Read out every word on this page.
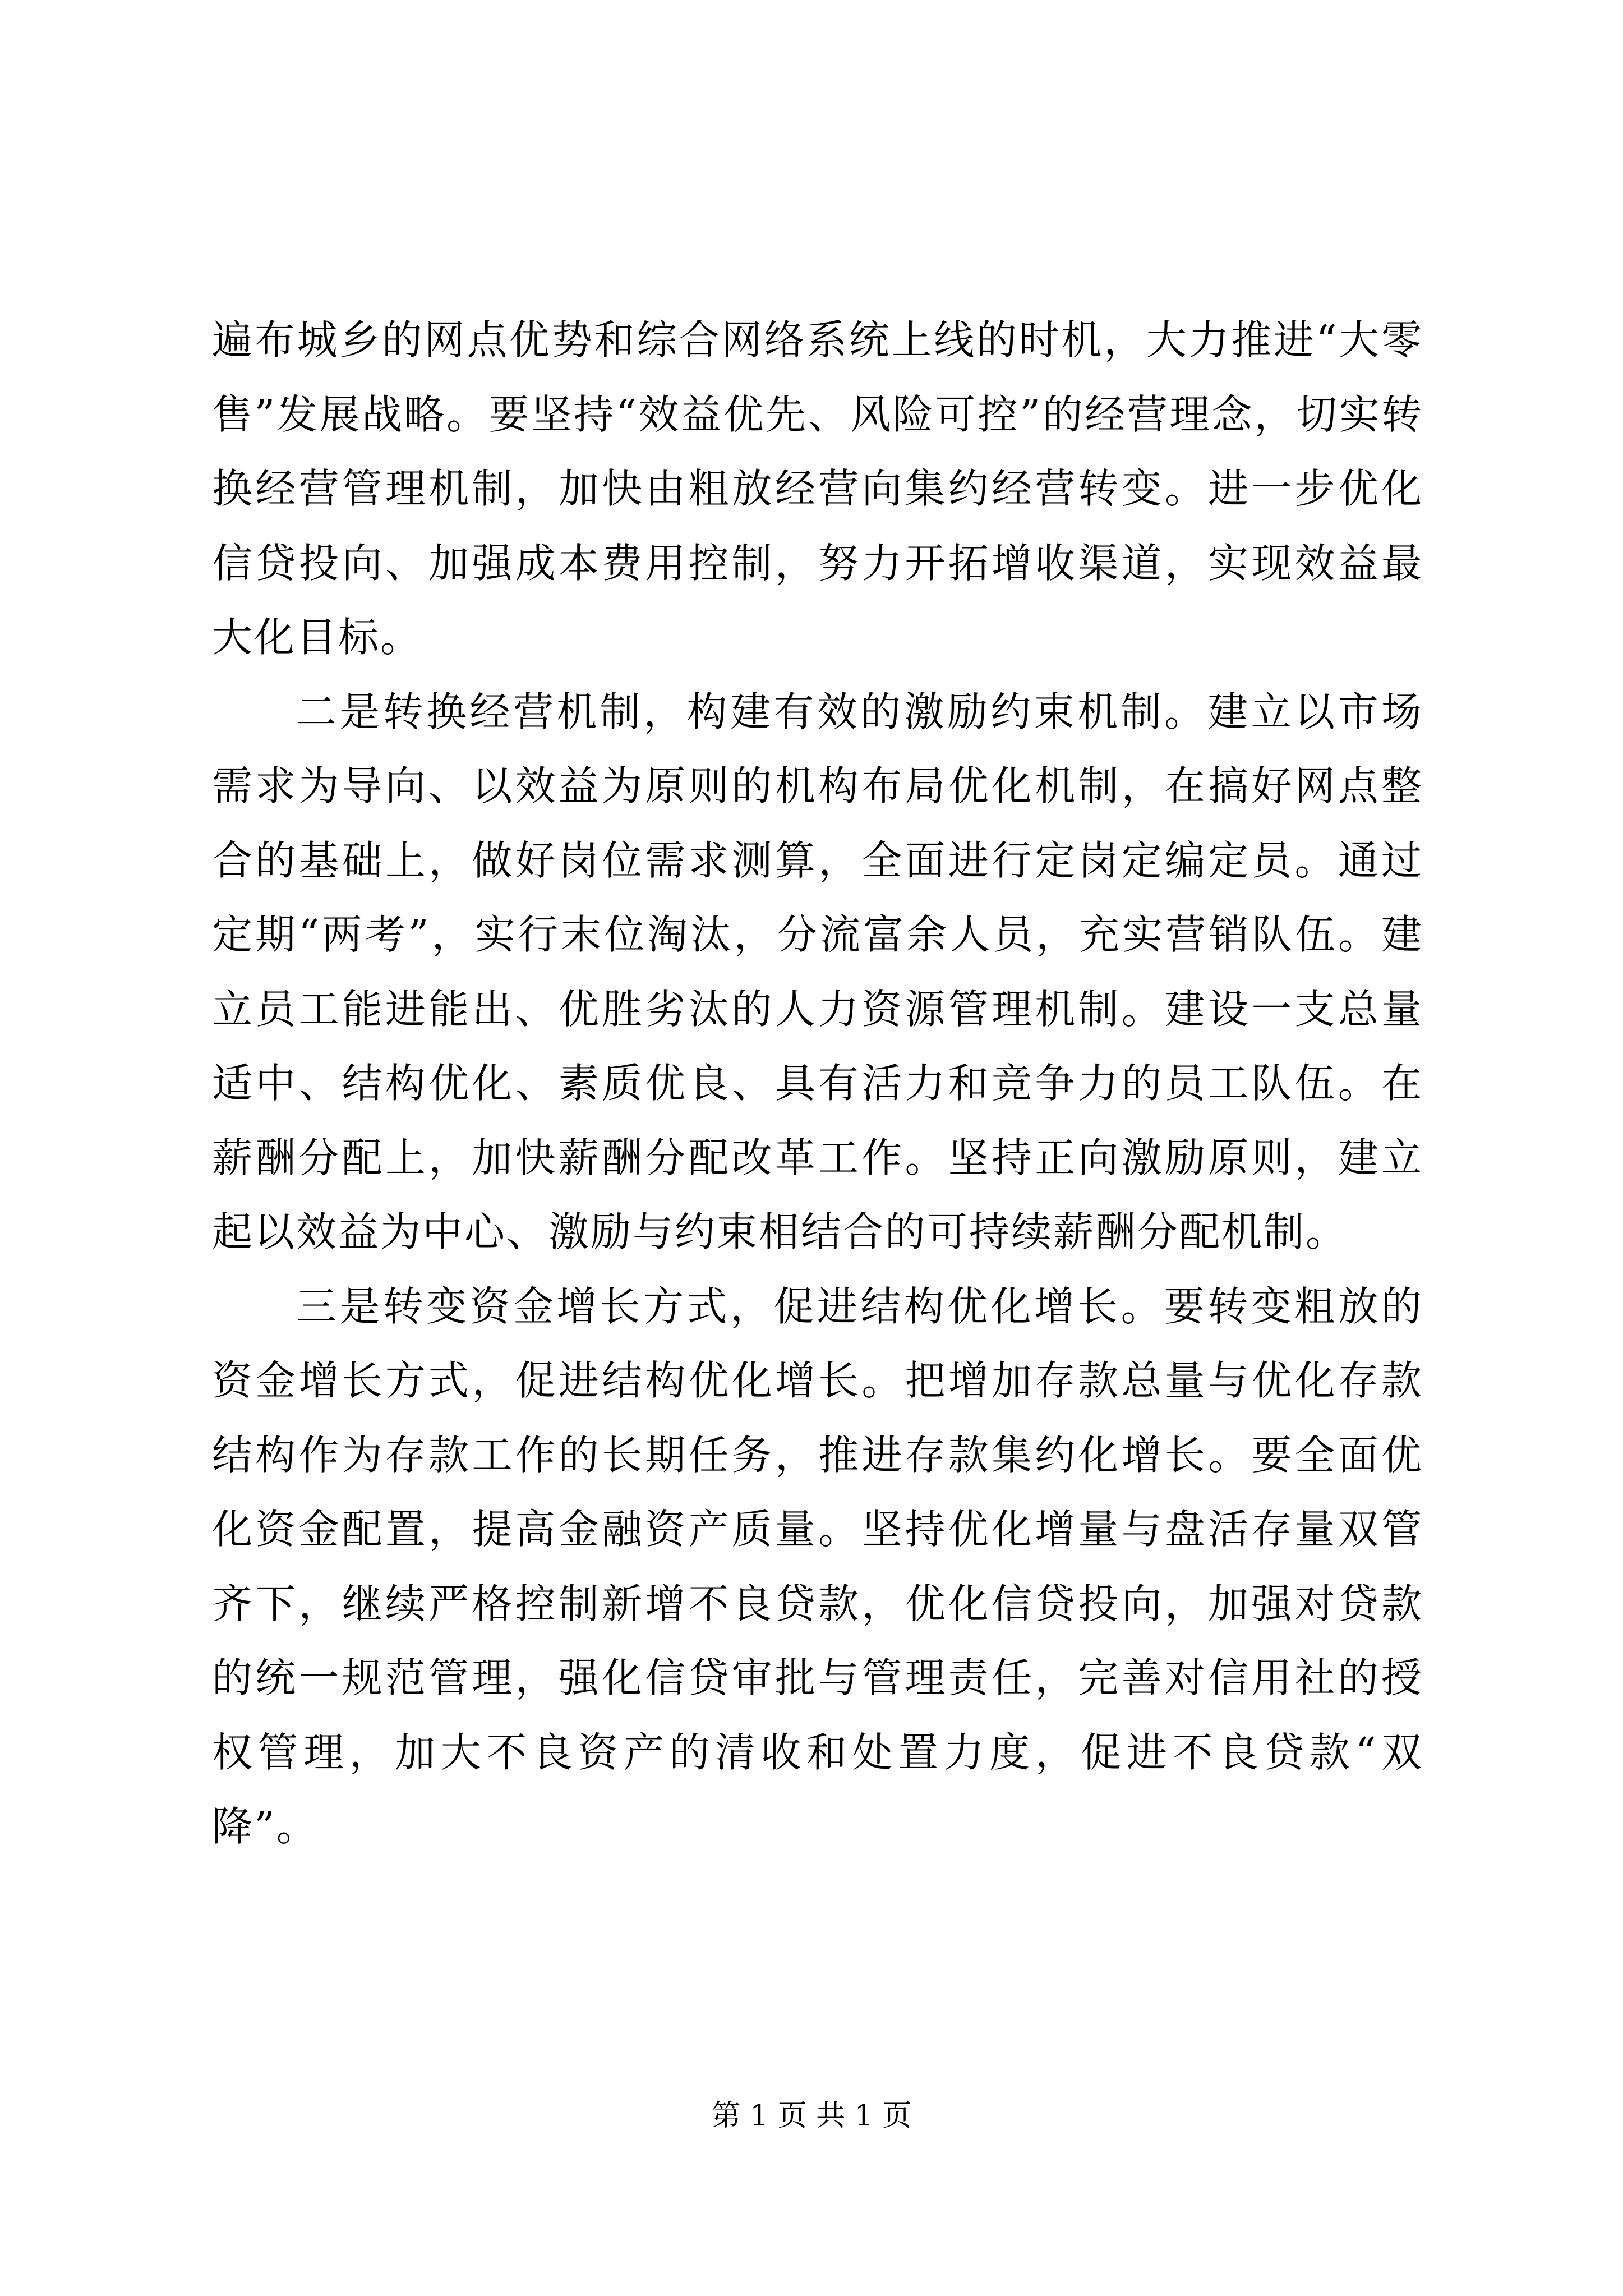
遍布城乡的网点优势和综合网络系统上线的时机，大力推进“大零售”发展战略。要坚持“效益优先、风险可控”的经营理念，切实转换经营管理机制，加快由粗放经营向集约经营转变。进一步优化信贷投向、加强成本费用控制，努力开拓增收渠道，实现效益最大化目标。

二是转换经营机制，构建有效的激励约束机制。建立以市场需求为导向、以效益为原则的机构布局优化机制，在搞好网点整合的基础上，做好岗位需求测算，全面进行定岗定编定员。通过定期“两考”，实行末位淘汰，分流富余人员，充实营销队伍。建立员工能进能出、优胜劣汰的人力资源管理机制。建设一支总量适中、结构优化、素质优良、具有活力和竞争力的员工队伍。在薪酬分配上，加快薪酬分配改革工作。坚持正向激励原则，建立起以效益为中心、激励与约束相结合的可持续薪酬分配机制。

三是转变资金增长方式，促进结构优化增长。要转变粗放的资金增长方式，促进结构优化增长。把增加存款总量与优化存款结构作为存款工作的长期任务，推进存款集约化增长。要全面优化资金配置，提高金融资产质量。坚持优化增量与盘活存量双管齐下，继续严格控制新增不良贷款，优化信贷投向，加强对贷款的统一规范管理，强化信贷审批与管理责任，完善对信用社的授权管理，加大不良资产的清收和处置力度，促进不良贷款“双降”。

第 1 页 共 1 页
